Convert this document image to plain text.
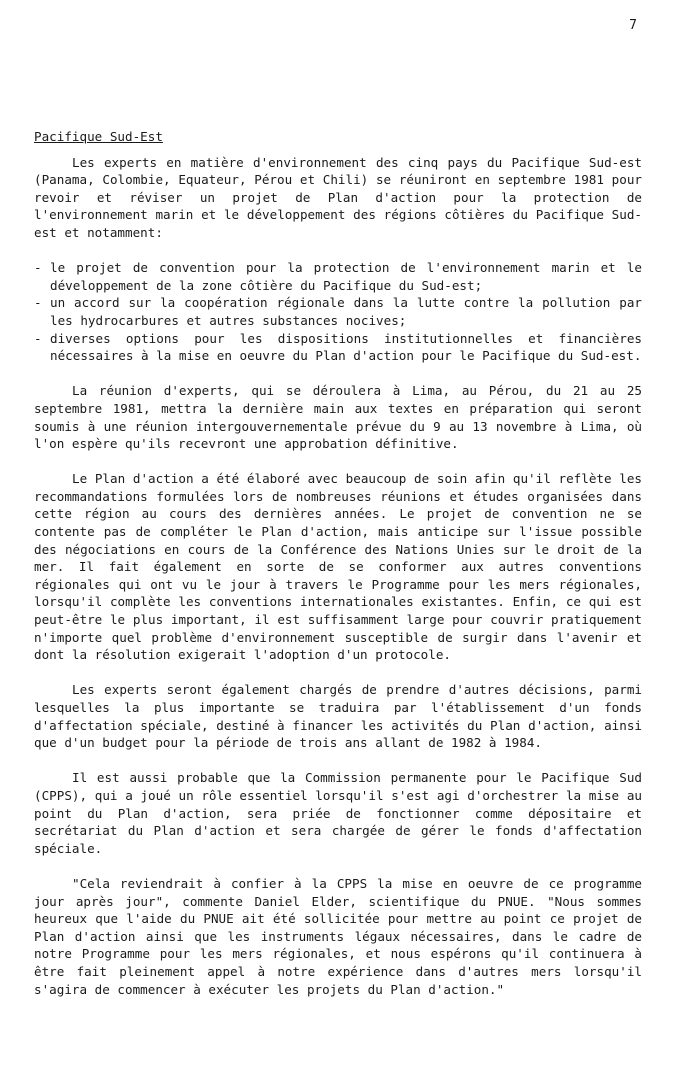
7
Pacifique Sud-Est

Les experts en matière d'environnement des cinq pays du Pacifique Sud-est (Panama, Colombie, Equateur, Pérou et Chili) se réuniront en septembre 1981 pour revoir et réviser un projet de Plan d'action pour la protection de l'environnement marin et le développement des régions côtières du Pacifique Sud-est et notamment:

- le projet de convention pour la protection de l'environnement marin et le développement de la zone côtière du Pacifique du Sud-est;
- un accord sur la coopération régionale dans la lutte contre la pollution par les hydrocarbures et autres substances nocives;
- diverses options pour les dispositions institutionnelles et financières nécessaires à la mise en oeuvre du Plan d'action pour le Pacifique du Sud-est.

La réunion d'experts, qui se déroulera à Lima, au Pérou, du 21 au 25 septembre 1981, mettra la dernière main aux textes en préparation qui seront soumis à une réunion intergouvernementale prévue du 9 au 13 novembre à Lima, où l'on espère qu'ils recevront une approbation définitive.

Le Plan d'action a été élaboré avec beaucoup de soin afin qu'il reflète les recommandations formulées lors de nombreuses réunions et études organisées dans cette région au cours des dernières années. Le projet de convention ne se contente pas de compléter le Plan d'action, mais anticipe sur l'issue possible des négociations en cours de la Conférence des Nations Unies sur le droit de la mer. Il fait également en sorte de se conformer aux autres conventions régionales qui ont vu le jour à travers le Programme pour les mers régionales, lorsqu'il complète les conventions internationales existantes. Enfin, ce qui est peut-être le plus important, il est suffisamment large pour couvrir pratiquement n'importe quel problème d'environnement susceptible de surgir dans l'avenir et dont la résolution exigerait l'adoption d'un protocole.

Les experts seront également chargés de prendre d'autres décisions, parmi lesquelles la plus importante se traduira par l'établissement d'un fonds d'affectation spéciale, destiné à financer les activités du Plan d'action, ainsi que d'un budget pour la période de trois ans allant de 1982 à 1984.

Il est aussi probable que la Commission permanente pour le Pacifique Sud (CPPS), qui a joué un rôle essentiel lorsqu'il s'est agi d'orchestrer la mise au point du Plan d'action, sera priée de fonctionner comme dépositaire et secrétariat du Plan d'action et sera chargée de gérer le fonds d'affectation spéciale.

"Cela reviendrait à confier à la CPPS la mise en oeuvre de ce programme jour après jour", commente Daniel Elder, scientifique du PNUE. "Nous sommes heureux que l'aide du PNUE ait été sollicitée pour mettre au point ce projet de Plan d'action ainsi que les instruments légaux nécessaires, dans le cadre de notre Programme pour les mers régionales, et nous espérons qu'il continuera à être fait pleinement appel à notre expérience dans d'autres mers lorsqu'il s'agira de commencer à exécuter les projets du Plan d'action."
